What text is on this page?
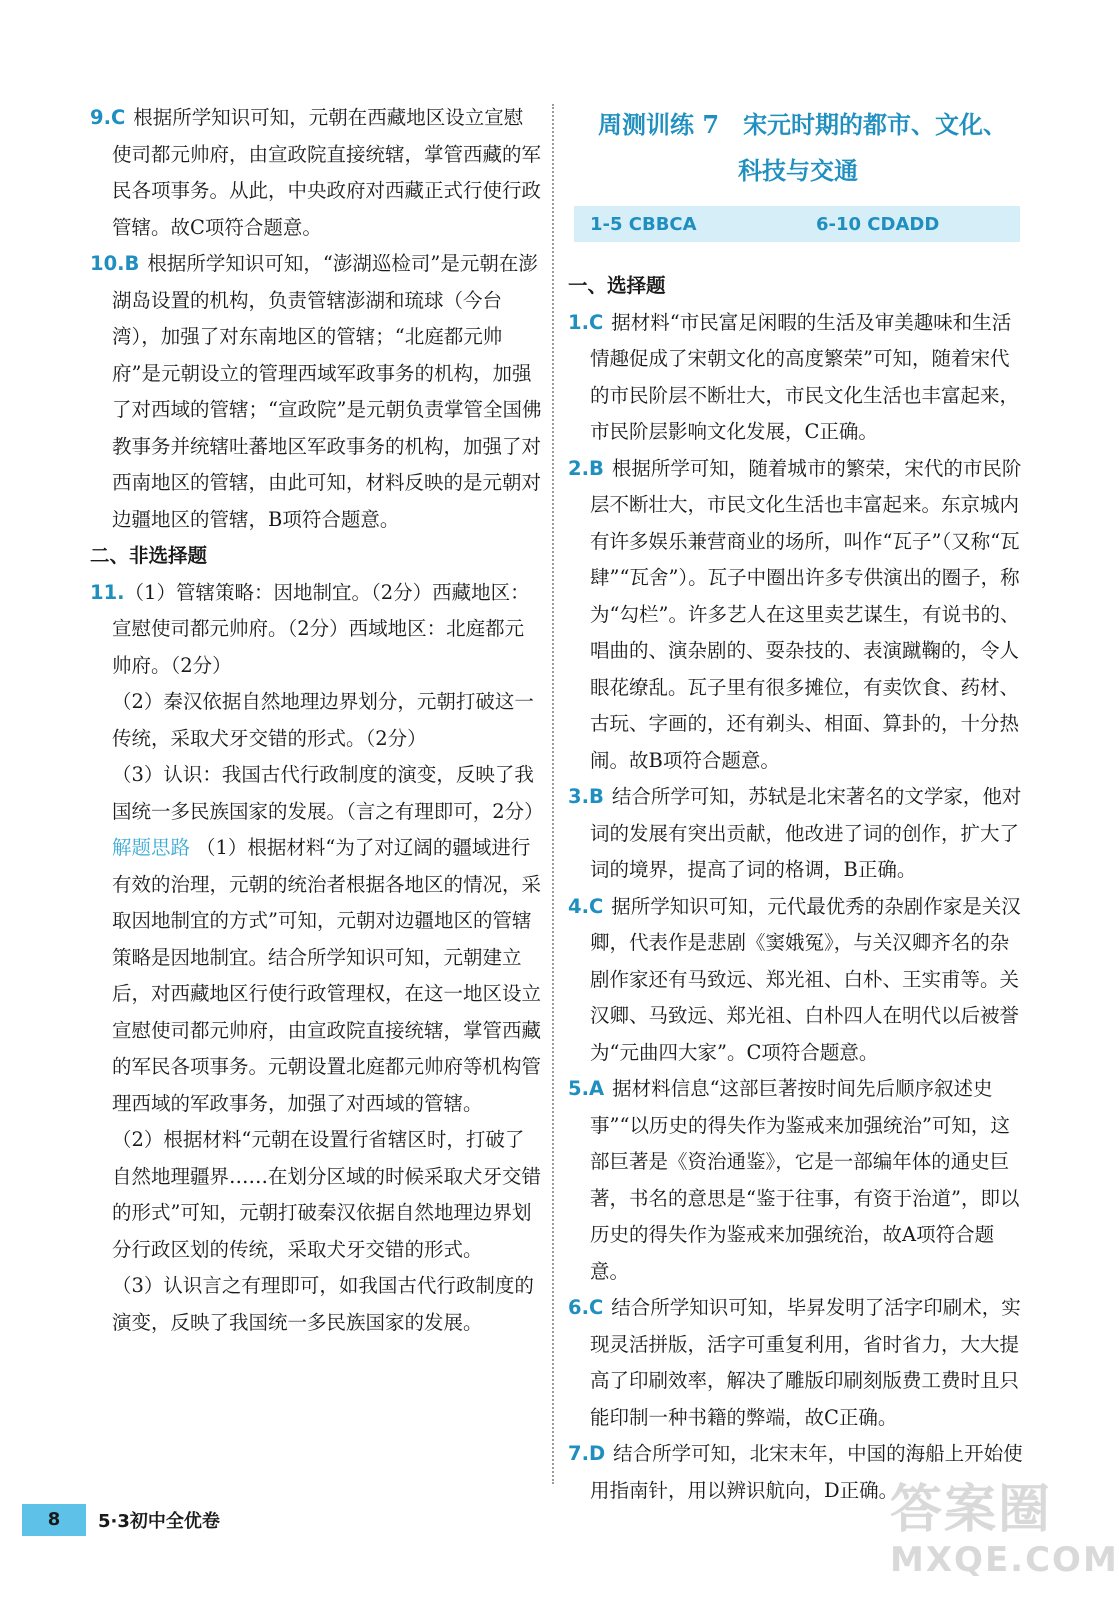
9.C 根据所学知识可知，元朝在西藏地区设立宣慰使司都元帅府，由宣政院直接统辖，掌管西藏的军民各项事务。从此，中央政府对西藏正式行使行政管辖。故C项符合题意。

10.B 根据所学知识可知，“澎湖巡检司”是元朝在澎湖岛设置的机构，负责管辖澎湖和琉球（今台湾），加强了对东南地区的管辖；“北庭都元帅府”是元朝设立的管理西域军政事务的机构，加强了对西域的管辖；“宣政院”是元朝负责掌管全国佛教事务并统辖吐蕃地区军政事务的机构，加强了对西南地区的管辖，由此可知，材料反映的是元朝对边疆地区的管辖，B项符合题意。

二、非选择题

11.（1）管辖策略：因地制宜。（2分）西藏地区：宣慰使司都元帅府。（2分）西域地区：北庭都元帅府。（2分）

（2）秦汉依据自然地理边界划分，元朝打破这一传统，采取犬牙交错的形式。（2分）

（3）认识：我国古代行政制度的演变，反映了我国统一多民族国家的发展。（言之有理即可，2分）

解题思路 （1）根据材料“为了对辽阔的疆域进行有效的治理，元朝的统治者根据各地区的情况，采取因地制宜的方式”可知，元朝对边疆地区的管辖策略是因地制宜。结合所学知识可知，元朝建立后，对西藏地区行使行政管理权，在这一地区设立宣慰使司都元帅府，由宣政院直接统辖，掌管西藏的军民各项事务。元朝设置北庭都元帅府等机构管理西域的军政事务，加强了对西域的管辖。

（2）根据材料“元朝在设置行省辖区时，打破了自然地理疆界……在划分区域的时候采取犬牙交错的形式”可知，元朝打破秦汉依据自然地理边界划分行政区划的传统，采取犬牙交错的形式。

（3）认识言之有理即可，如我国古代行政制度的演变，反映了我国统一多民族国家的发展。

周测训练 7 宋元时期的都市、文化、
科技与交通
1-5 CBBCA	6-10 CDADD

一、选择题

1.C 据材料“市民富足闲暇的生活及审美趣味和生活情趣促成了宋朝文化的高度繁荣”可知，随着宋代的市民阶层不断壮大，市民文化生活也丰富起来，市民阶层影响文化发展，C正确。

2.B 根据所学可知，随着城市的繁荣，宋代的市民阶层不断壮大，市民文化生活也丰富起来。东京城内有许多娱乐兼营商业的场所，叫作“瓦子”（又称“瓦肆”“瓦舍”）。瓦子中圈出许多专供演出的圈子，称为“勾栏”。许多艺人在这里卖艺谋生，有说书的、唱曲的、演杂剧的、耍杂技的、表演蹴鞠的，令人眼花缭乱。瓦子里有很多摊位，有卖饮食、药材、古玩、字画的，还有剃头、相面、算卦的，十分热闹。故B项符合题意。

3.B 结合所学可知，苏轼是北宋著名的文学家，他对词的发展有突出贡献，他改进了词的创作，扩大了词的境界，提高了词的格调，B正确。

4.C 据所学知识可知，元代最优秀的杂剧作家是关汉卿，代表作是悲剧《窦娥冤》，与关汉卿齐名的杂剧作家还有马致远、郑光祖、白朴、王实甫等。关汉卿、马致远、郑光祖、白朴四人在明代以后被誉为“元曲四大家”。C项符合题意。

5.A 据材料信息“这部巨著按时间先后顺序叙述史事”“以历史的得失作为鉴戒来加强统治”可知，这部巨著是《资治通鉴》，它是一部编年体的通史巨著，书名的意思是“鉴于往事，有资于治道”，即以历史的得失作为鉴戒来加强统治，故A项符合题意。

6.C 结合所学知识可知，毕昇发明了活字印刷术，实现灵活拼版，活字可重复利用，省时省力，大大提高了印刷效率，解决了雕版印刷刻版费工费时且只能印制一种书籍的弊端，故C正确。

7.D 结合所学可知，北宋末年，中国的海船上开始使用指南针，用以辨识航向，D正确。

8	5·3初中全优卷	答案圈
MXQE.COM
